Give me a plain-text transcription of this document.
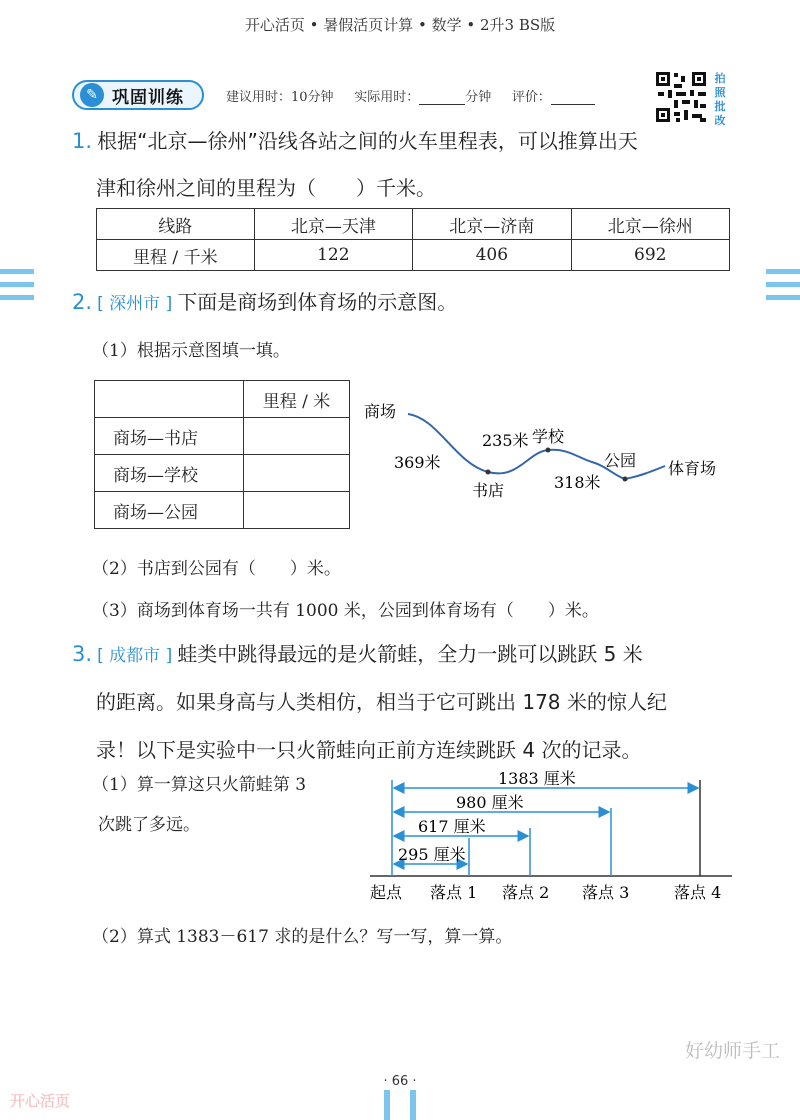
开心活页 • 暑假活页计算 • 数学 • 2升3 BS版
✎ 巩固训练	建议用时：10分钟 实际用时：	分钟 评价：
拍
照
批
改
1. 根据“北京—徐州”沿线各站之间的火车里程表，可以推算出天
津和徐州之间的里程为（　　）千米。
线路	北京—天津	北京—济南	北京—徐州
里程 / 千米	122	406	692
2. [ 深州市 ] 下面是商场到体育场的示意图。
（1）根据示意图填一填。
	里程 / 米
商场—书店	
商场—学校	
商场—公园	
商场
书店
学校
公园 体育场
369米
235米
318米
（2）书店到公园有（　　）米。
（3）商场到体育场一共有 1000 米，公园到体育场有（　　）米。
3. [ 成都市 ] 蛙类中跳得最远的是火箭蛙，全力一跳可以跳跃 5 米
的距离。如果身高与人类相仿，相当于它可跳出 178 米的惊人纪
录！以下是实验中一只火箭蛙向正前方连续跳跃 4 次的记录。
（1）算一算这只火箭蛙第 3
次跳了多远。
1383 厘米
980 厘米
617 厘米
295 厘米
起点 落点 1 落点 2 落点 3	落点 4
（2）算式 1383－617 求的是什么？写一写，算一算。
好幼师手工
· 66 ·
开心活页
